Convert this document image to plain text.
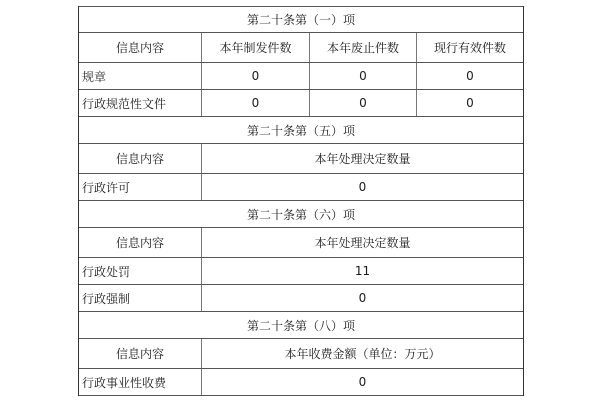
第二十条第（一）项
信息内容	本年制发件数	本年废止件数	现行有效件数
规章	0	0	0
行政规范性文件	0	0	0
第二十条第（五）项
信息内容	本年处理决定数量
行政许可	0
第二十条第（六）项
信息内容	本年处理决定数量
行政处罚	11
行政强制	0
第二十条第（八）项
信息内容	本年收费金额（单位：万元）
行政事业性收费	0
